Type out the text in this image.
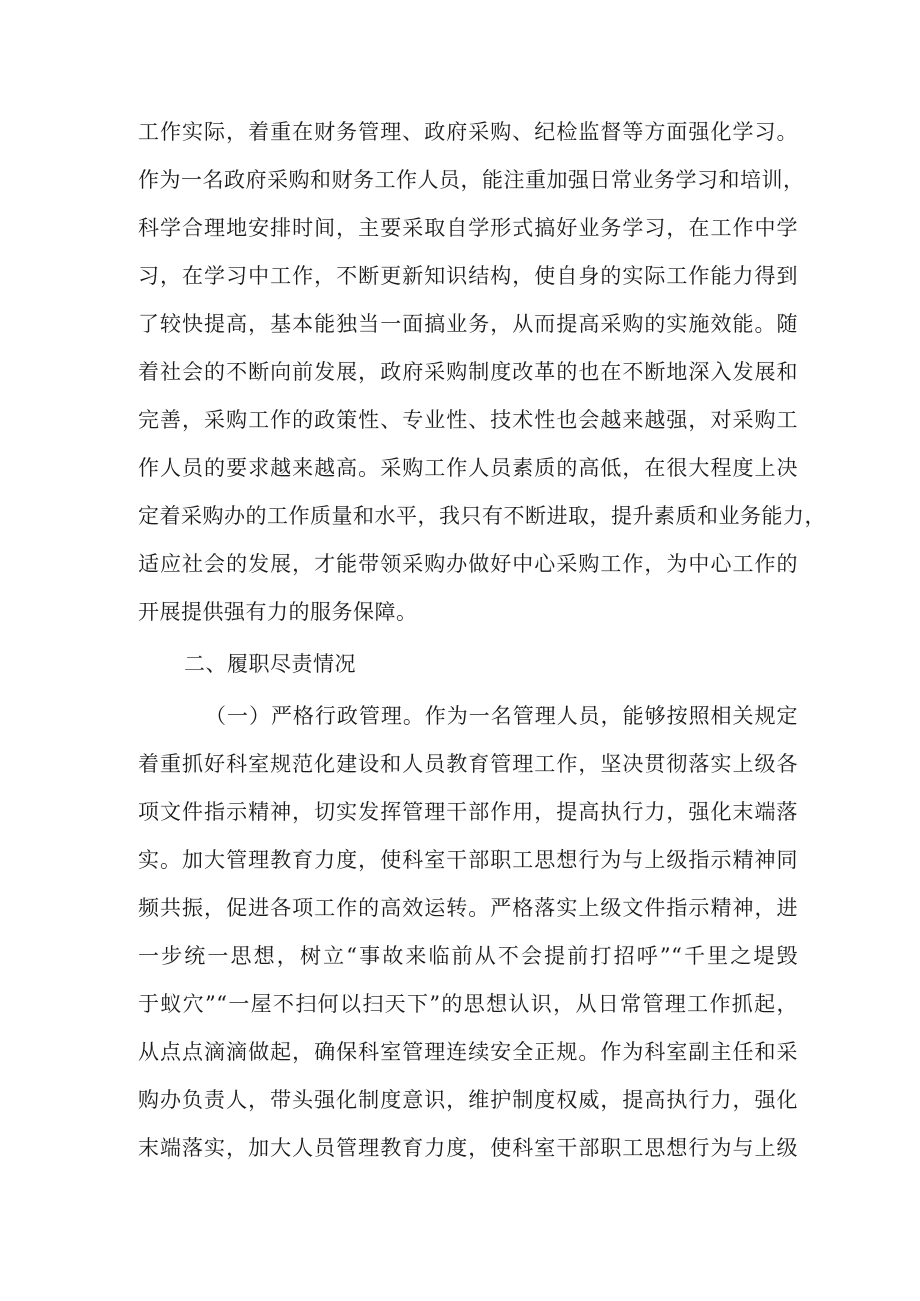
工作实际，着重在财务管理、政府采购、纪检监督等方面强化学习。
作为一名政府采购和财务工作人员，能注重加强日常业务学习和培训，
科学合理地安排时间，主要采取自学形式搞好业务学习，在工作中学
习，在学习中工作，不断更新知识结构，使自身的实际工作能力得到
了较快提高，基本能独当一面搞业务，从而提高采购的实施效能。随
着社会的不断向前发展，政府采购制度改革的也在不断地深入发展和
完善，采购工作的政策性、专业性、技术性也会越来越强，对采购工
作人员的要求越来越高。采购工作人员素质的高低，在很大程度上决
定着采购办的工作质量和水平，我只有不断进取，提升素质和业务能力，
适应社会的发展，才能带领采购办做好中心采购工作，为中心工作的
开展提供强有力的服务保障。
二、履职尽责情况
（一）严格行政管理。作为一名管理人员，能够按照相关规定
着重抓好科室规范化建设和人员教育管理工作，坚决贯彻落实上级各
项文件指示精神，切实发挥管理干部作用，提高执行力，强化末端落
实。加大管理教育力度，使科室干部职工思想行为与上级指示精神同
频共振，促进各项工作的高效运转。严格落实上级文件指示精神，进
一步统一思想，树立“事故来临前从不会提前打招呼”“千里之堤毁
于蚁穴”“一屋不扫何以扫天下”的思想认识，从日常管理工作抓起，
从点点滴滴做起，确保科室管理连续安全正规。作为科室副主任和采
购办负责人，带头强化制度意识，维护制度权威，提高执行力，强化
末端落实，加大人员管理教育力度，使科室干部职工思想行为与上级
